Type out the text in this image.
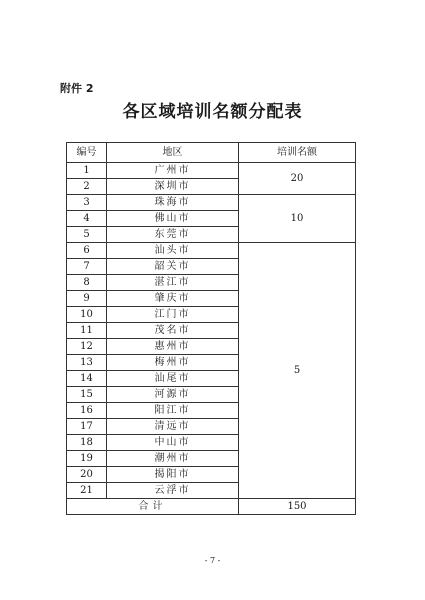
附件 2
各区域培训名额分配表
编号	地区	培训名额
1	广州市	20
2	深圳市	
3	珠海市	10
4	佛山市	
5	东莞市	
6	汕头市	5
7	韶关市	
8	湛江市	
9	肇庆市	
10	江门市	
11	茂名市	
12	惠州市	
13	梅州市	
14	汕尾市	
15	河源市	
16	阳江市	
17	清远市	
18	中山市	
19	潮州市	
20	揭阳市	
21	云浮市	
合计		150
- 7 -
